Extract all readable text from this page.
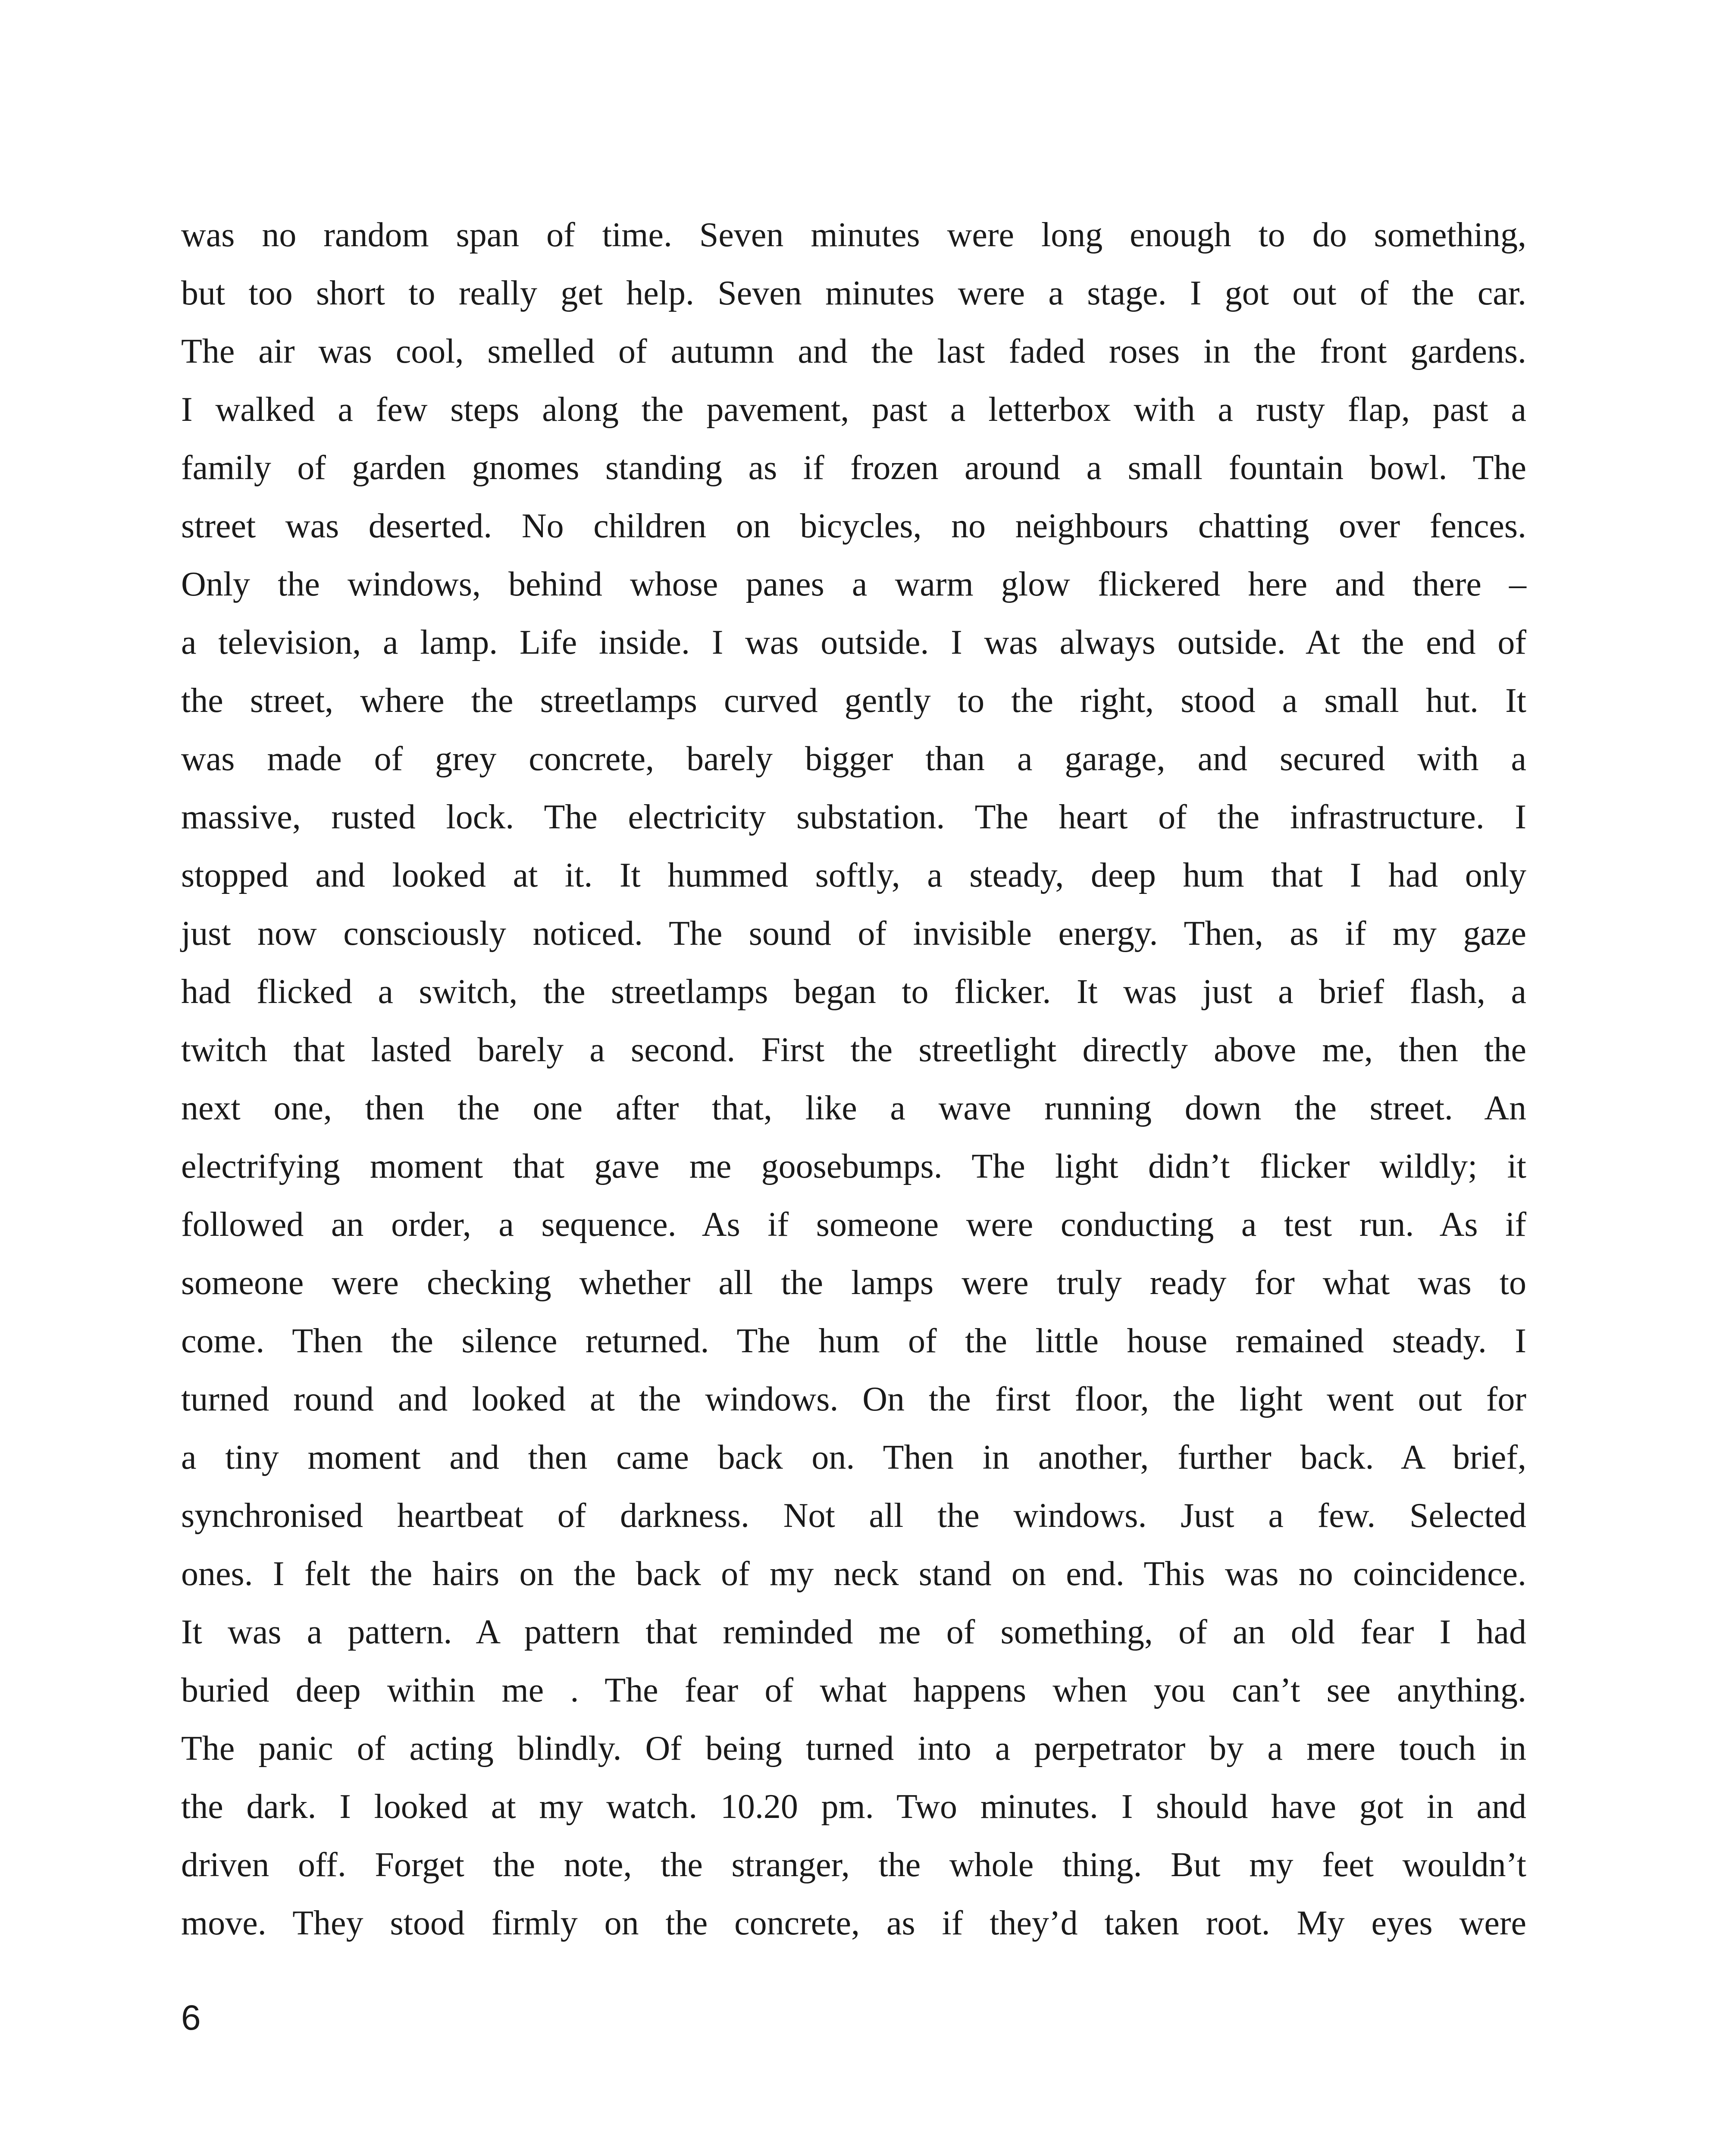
was no random span of time. Seven minutes were long enough to do something,
but too short to really get help. Seven minutes were a stage. I got out of the car.
The air was cool, smelled of autumn and the last faded roses in the front gardens.
I walked a few steps along the pavement, past a letterbox with a rusty flap, past a
family of garden gnomes standing as if frozen around a small fountain bowl. The
street was deserted. No children on bicycles, no neighbours chatting over fences.
Only the windows, behind whose panes a warm glow flickered here and there –
a television, a lamp. Life inside. I was outside. I was always outside. At the end of
the street, where the streetlamps curved gently to the right, stood a small hut. It
was made of grey concrete, barely bigger than a garage, and secured with a
massive, rusted lock. The electricity substation. The heart of the infrastructure. I
stopped and looked at it. It hummed softly, a steady, deep hum that I had only
just now consciously noticed. The sound of invisible energy. Then, as if my gaze
had flicked a switch, the streetlamps began to flicker. It was just a brief flash, a
twitch that lasted barely a second. First the streetlight directly above me, then the
next one, then the one after that, like a wave running down the street. An
electrifying moment that gave me goosebumps. The light didn’t flicker wildly; it
followed an order, a sequence. As if someone were conducting a test run. As if
someone were checking whether all the lamps were truly ready for what was to
come. Then the silence returned. The hum of the little house remained steady. I
turned round and looked at the windows. On the first floor, the light went out for
a tiny moment and then came back on. Then in another, further back. A brief,
synchronised heartbeat of darkness. Not all the windows. Just a few. Selected
ones. I felt the hairs on the back of my neck stand on end. This was no coincidence.
It was a pattern. A pattern that reminded me of something, of an old fear I had
buried deep within me . The fear of what happens when you can’t see anything.
The panic of acting blindly. Of being turned into a perpetrator by a mere touch in
the dark. I looked at my watch. 10.20 pm. Two minutes. I should have got in and
driven off. Forget the note, the stranger, the whole thing. But my feet wouldn’t
move. They stood firmly on the concrete, as if they’d taken root. My eyes were
6
